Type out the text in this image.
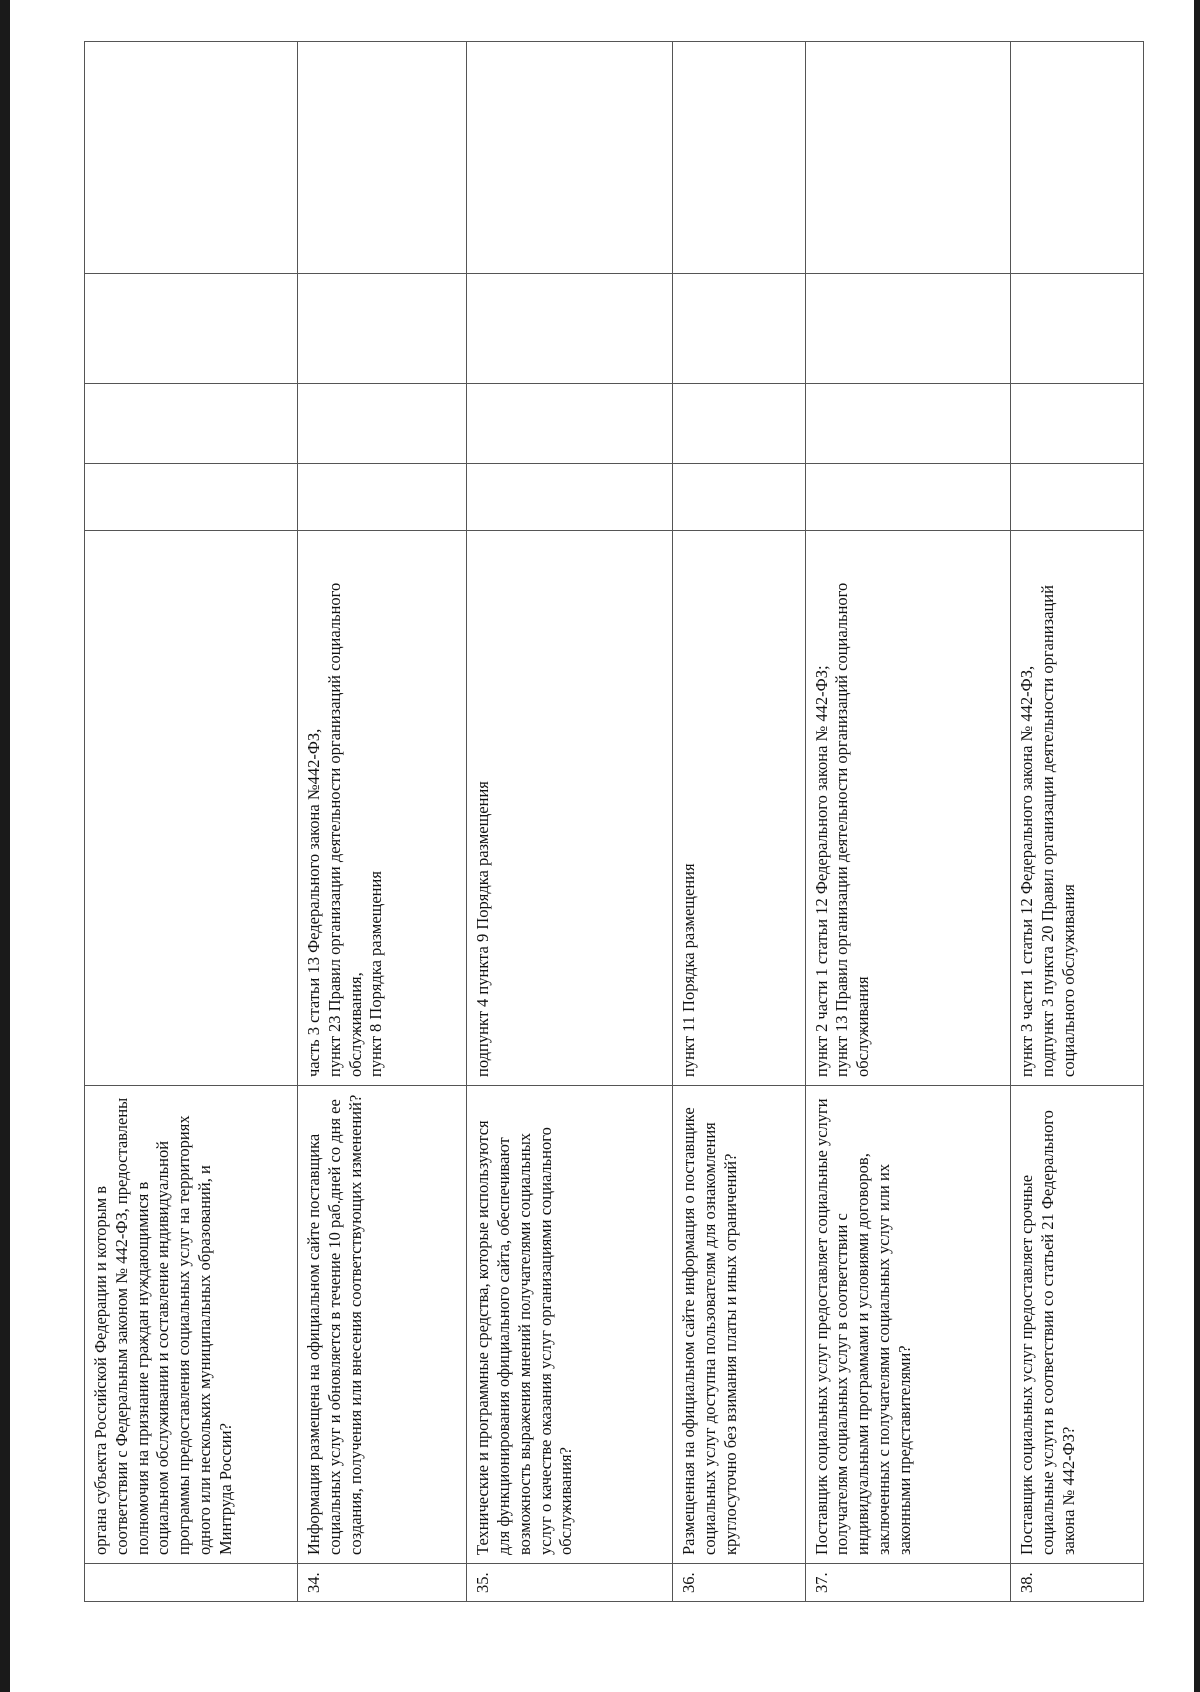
	органа субъекта Российской Федерации и которым в соответствии с Федеральным законом № 442-ФЗ, предоставлены полномочия на признание граждан нуждающимися в социальном обслуживании и составление индивидуальной программы предоставления социальных услуг на территориях одного или нескольких муниципальных образований, и Минтруда России?					
34.	Информация размещена на официальном сайте поставщика социальных услуг и обновляется в течение 10 раб.дней со дня ее создания, получения или внесения соответствующих изменений?	часть 3 статьи 13 Федерального закона №442-ФЗ, пункт 23 Правил организации деятельности организаций социального обслуживания, пункт 8 Порядка размещения				

35.	Технические и программные средства, которые используются для функционирования официального сайта, обеспечивают возможность выражения мнений получателями социальных услуг о качестве оказания услуг организациями социального обслуживания?	подпункт 4 пункта 9 Порядка размещения				

36.	Размещенная на официальном сайте информация о поставщике социальных услуг доступна пользователям для ознакомления круглосуточно без взимания платы и иных ограничений?	пункт 11 Порядка размещения				

37.	Поставщик социальных услуг предоставляет социальные услуги получателям социальных услуг в соответствии с индивидуальными программами и условиями договоров, заключенных с получателями социальных услуг или их законными представителями?	пункт 2 части 1 статьи 12 Федерального закона № 442-ФЗ; пункт 13 Правил организации деятельности организаций социального обслуживания				

38.	Поставщик социальных услуг предоставляет срочные социальные услуги в соответствии со статьей 21 Федерального закона № 442-ФЗ?	пункт 3 части 1 статьи 12 Федерального закона № 442-ФЗ, подпункт 3 пункта 20 Правил организации деятельности организаций социального обслуживания				
